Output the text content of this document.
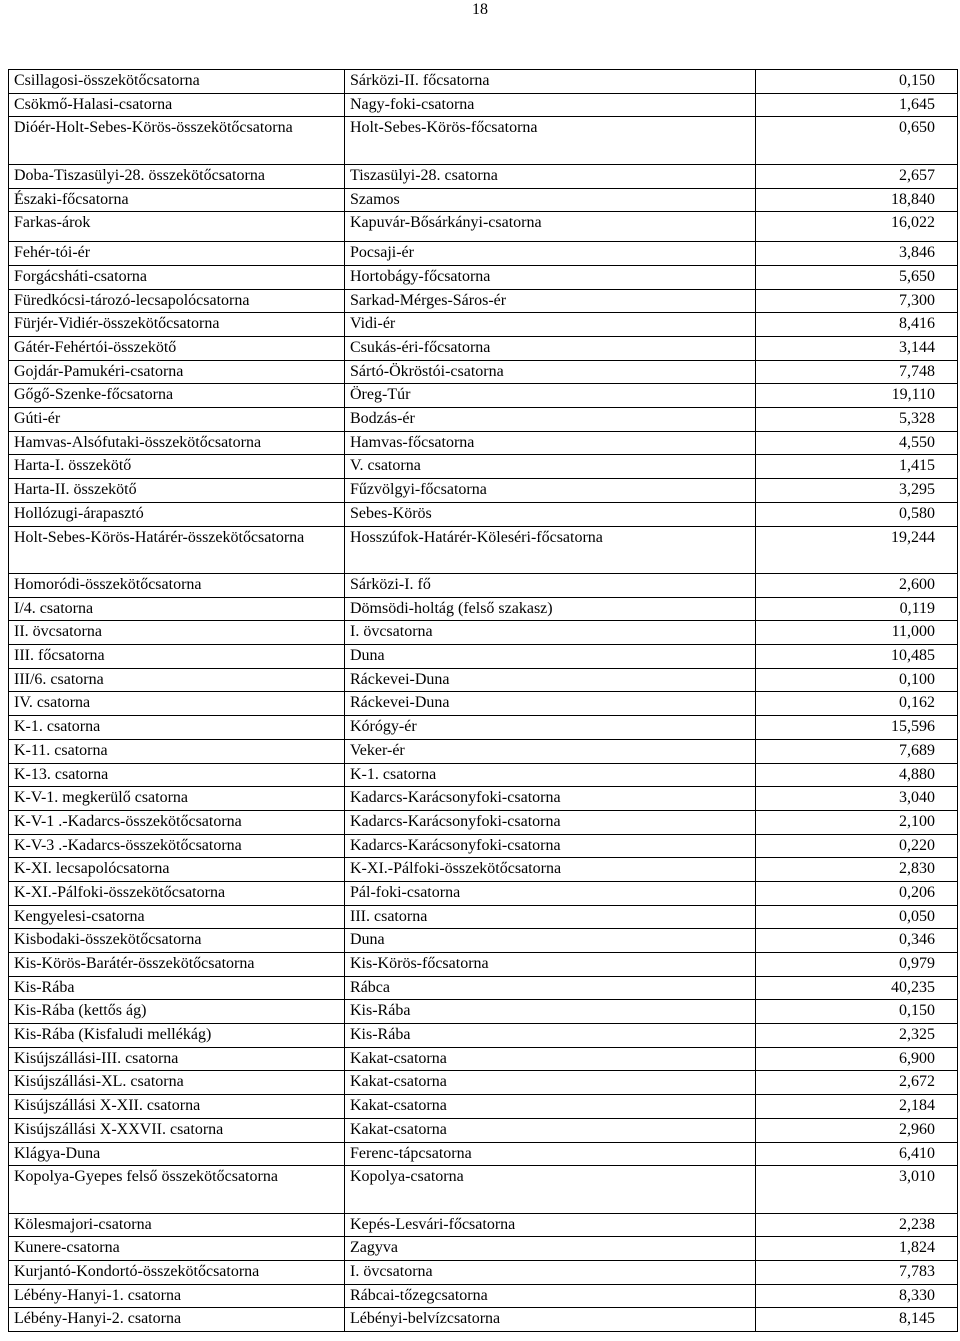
18
Csillagosi-összekötőcsatorna	Sárközi-II. főcsatorna	0,150
Csökmő-Halasi-csatorna	Nagy-foki-csatorna	1,645
Dióér-Holt-Sebes-Körös-összekötőcsatorna	Holt-Sebes-Körös-főcsatorna	0,650
Doba-Tiszasülyi-28. összekötőcsatorna	Tiszasülyi-28. csatorna	2,657
Északi-főcsatorna	Szamos	18,840
Farkas-árok	Kapuvár-Bősárkányi-csatorna	16,022
Fehér-tói-ér	Pocsaji-ér	3,846
Forgácsháti-csatorna	Hortobágy-főcsatorna	5,650
Füredkócsi-tározó-lecsapolócsatorna	Sarkad-Mérges-Sáros-ér	7,300
Fürjér-Vidiér-összekötőcsatorna	Vidi-ér	8,416
Gátér-Fehértói-összekötő	Csukás-éri-főcsatorna	3,144
Gojdár-Pamukéri-csatorna	Sártó-Ökröstói-csatorna	7,748
Gőgő-Szenke-főcsatorna	Öreg-Túr	19,110
Gúti-ér	Bodzás-ér	5,328
Hamvas-Alsófutaki-összekötőcsatorna	Hamvas-főcsatorna	4,550
Harta-I. összekötő	V. csatorna	1,415
Harta-II. összekötő	Fűzvölgyi-főcsatorna	3,295
Hollózugi-árapasztó	Sebes-Körös	0,580
Holt-Sebes-Körös-Határér-összekötőcsatorna	Hosszúfok-Határér-Köleséri-főcsatorna	19,244
Homoródi-összekötőcsatorna	Sárközi-I. fő	2,600
I/4. csatorna	Dömsödi-holtág (felső szakasz)	0,119
II. övcsatorna	I. övcsatorna	11,000
III. főcsatorna	Duna	10,485
III/6. csatorna	Ráckevei-Duna	0,100
IV. csatorna	Ráckevei-Duna	0,162
K-1. csatorna	Kórógy-ér	15,596
K-11. csatorna	Veker-ér	7,689
K-13. csatorna	K-1. csatorna	4,880
K-V-1. megkerülő csatorna	Kadarcs-Karácsonyfoki-csatorna	3,040
K-V-1 .-Kadarcs-összekötőcsatorna	Kadarcs-Karácsonyfoki-csatorna	2,100
K-V-3 .-Kadarcs-összekötőcsatorna	Kadarcs-Karácsonyfoki-csatorna	0,220
K-XI. lecsapolócsatorna	K-XI.-Pálfoki-összekötőcsatorna	2,830
K-XI.-Pálfoki-összekötőcsatorna	Pál-foki-csatorna	0,206
Kengyelesi-csatorna	III. csatorna	0,050
Kisbodaki-összekötőcsatorna	Duna	0,346
Kis-Körös-Barátér-összekötőcsatorna	Kis-Körös-főcsatorna	0,979
Kis-Rába	Rábca	40,235
Kis-Rába (kettős ág)	Kis-Rába	0,150
Kis-Rába (Kisfaludi mellékág)	Kis-Rába	2,325
Kisújszállási-III. csatorna	Kakat-csatorna	6,900
Kisújszállási-XL. csatorna	Kakat-csatorna	2,672
Kisújszállási X-XII. csatorna	Kakat-csatorna	2,184
Kisújszállási X-XXVII. csatorna	Kakat-csatorna	2,960
Klágya-Duna	Ferenc-tápcsatorna	6,410
Kopolya-Gyepes felső összekötőcsatorna	Kopolya-csatorna	3,010
Kölesmajori-csatorna	Kepés-Lesvári-főcsatorna	2,238
Kunere-csatorna	Zagyva	1,824
Kurjantó-Kondortó-összekötőcsatorna	I. övcsatorna	7,783
Lébény-Hanyi-1. csatorna	Rábcai-tőzegcsatorna	8,330
Lébény-Hanyi-2. csatorna	Lébényi-belvízcsatorna	8,145
